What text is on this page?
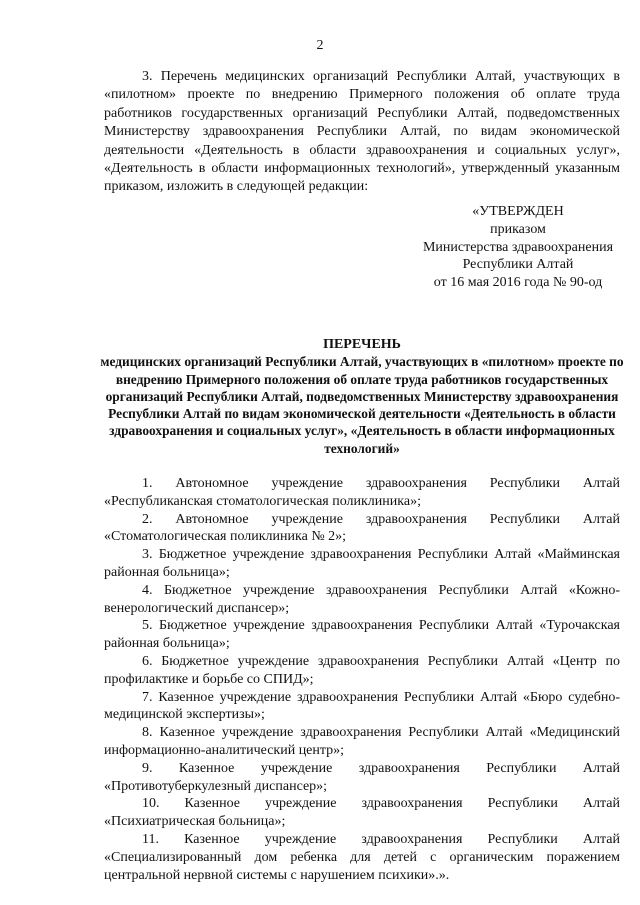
2

3. Перечень медицинских организаций Республики Алтай, участвующих в «пилотном» проекте по внедрению Примерного положения об оплате труда работников государственных организаций Республики Алтай, подведомственных Министерству здравоохранения Республики Алтай, по видам экономической деятельности «Деятельность в области здравоохранения и социальных услуг», «Деятельность в области информационных технологий», утвержденный указанным приказом, изложить в следующей редакции:

«УТВЕРЖДЕН
приказом
Министерства здравоохранения
Республики Алтай
от 16 мая 2016 года № 90-од
ПЕРЕЧЕНЬ
медицинских организаций Республики Алтай, участвующих в «пилотном» проекте по внедрению Примерного положения об оплате труда работников государственных организаций Республики Алтай, подведомственных Министерству здравоохранения Республики Алтай по видам экономической деятельности «Деятельность в области здравоохранения и социальных услуг», «Деятельность в области информационных технологий»
1. Автономное учреждение здравоохранения Республики Алтай «Республиканская стоматологическая поликлиника»;
2. Автономное учреждение здравоохранения Республики Алтай «Стоматологическая поликлиника № 2»;
3. Бюджетное учреждение здравоохранения Республики Алтай «Майминская районная больница»;
4. Бюджетное учреждение здравоохранения Республики Алтай «Кожно-венерологический диспансер»;
5. Бюджетное учреждение здравоохранения Республики Алтай «Турочакская районная больница»;
6. Бюджетное учреждение здравоохранения Республики Алтай «Центр по профилактике и борьбе со СПИД»;
7. Казенное учреждение здравоохранения Республики Алтай «Бюро судебно-медицинской экспертизы»;
8. Казенное учреждение здравоохранения Республики Алтай «Медицинский информационно-аналитический центр»;
9. Казенное учреждение здравоохранения Республики Алтай «Противотуберкулезный диспансер»;
10. Казенное учреждение здравоохранения Республики Алтай «Психиатрическая больница»;
11. Казенное учреждение здравоохранения Республики Алтай «Специализированный дом ребенка для детей с органическим поражением центральной нервной системы с нарушением психики».».
